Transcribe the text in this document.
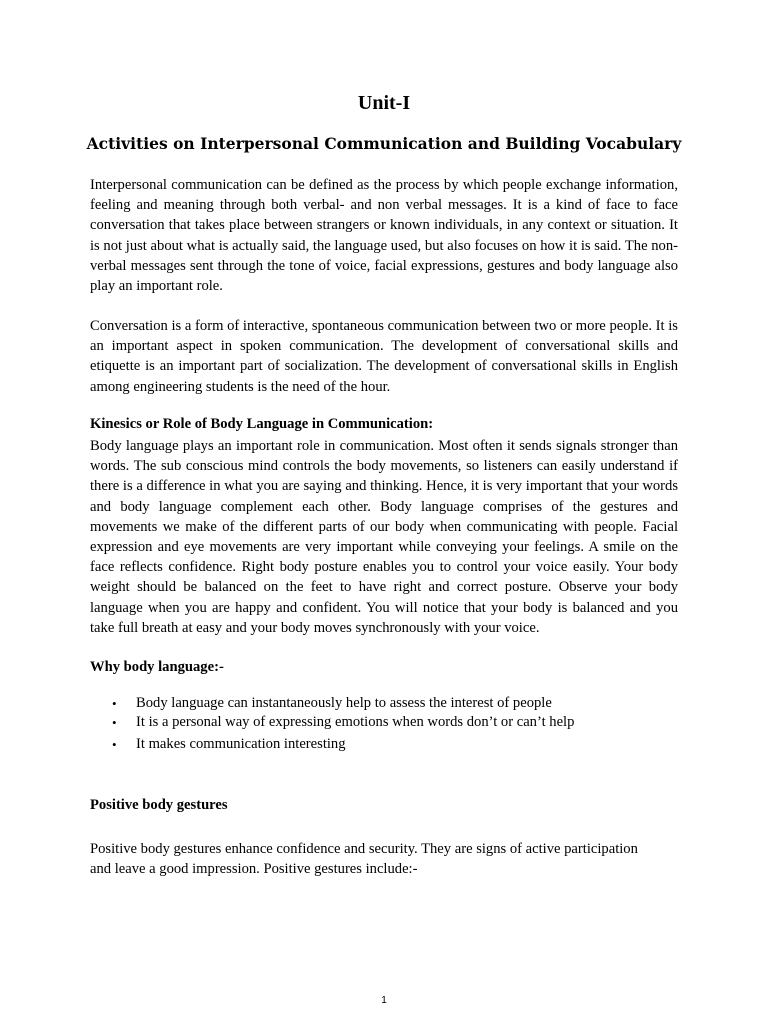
Unit-I
Activities on Interpersonal Communication and Building Vocabulary

Interpersonal communication can be defined as the process by which people exchange information, feeling and meaning through both verbal- and non verbal messages. It is a kind of face to face conversation that takes place between strangers or known individuals, in any context or situation. It is not just about what is actually said, the language used, but also focuses on how it is said. The non-verbal messages sent through the tone of voice, facial expressions, gestures and body language also play an important role.

Conversation is a form of interactive, spontaneous communication between two or more people. It is an important aspect in spoken communication. The development of conversational skills and etiquette is an important part of socialization. The development of conversational skills in English among engineering students is the need of the hour.

Kinesics or Role of Body Language in Communication:

Body language plays an important role in communication. Most often it sends signals stronger than words. The sub conscious mind controls the body movements, so listeners can easily understand if there is a difference in what you are saying and thinking. Hence, it is very important that your words and body language complement each other. Body language comprises of the gestures and movements we make of the different parts of our body when communicating with people. Facial expression and eye movements are very important while conveying your feelings. A smile on the face reflects confidence. Right body posture enables you to control your voice easily. Your body weight should be balanced on the feet to have right and correct posture. Observe your body language when you are happy and confident. You will notice that your body is balanced and you take full breath at easy and your body moves synchronously with your voice.

Why body language:-
• Body language can instantaneously help to assess the interest of people
• It is a personal way of expressing emotions when words don’t or can’t help
• It makes communication interesting
Positive body gestures
Positive body gestures enhance confidence and security. They are signs of active participation
and leave a good impression. Positive gestures include:-
1
